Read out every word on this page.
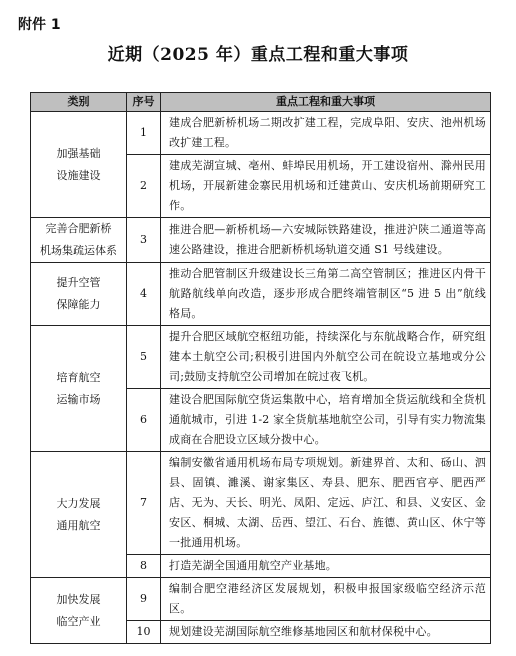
附件 1
近期（2025 年）重点工程和重大事项
类别	序号	重点工程和重大事项
加强基础
设施建设	1	建成合肥新桥机场二期改扩建工程，完成阜阳、安庆、池州机场改扩建工程。
	2	建成芜湖宣城、亳州、蚌埠民用机场，开工建设宿州、滁州民用机场，开展新建金寨民用机场和迁建黄山、安庆机场前期研究工作。
完善合肥新桥
机场集疏运体系	3	推进合肥—新桥机场—六安城际铁路建设，推进沪陕二通道等高速公路建设，推进合肥新桥机场轨道交通 S1 号线建设。
提升空管
保障能力	4	推动合肥管制区升级建设长三角第二高空管制区；推进区内骨干航路航线单向改造，逐步形成合肥终端管制区“5 进 5 出”航线格局。
培育航空
运输市场	5	提升合肥区域航空枢纽功能，持续深化与东航战略合作，研究组建本土航空公司;积极引进国内外航空公司在皖设立基地或分公司;鼓励支持航空公司增加在皖过夜飞机。
	6	建设合肥国际航空货运集散中心，培育增加全货运航线和全货机通航城市，引进 1-2 家全货航基地航空公司，引导有实力物流集成商在合肥设立区域分拨中心。
大力发展
通用航空	7	编制安徽省通用机场布局专项规划。新建界首、太和、砀山、泗县、固镇、濉溪、谢家集区、寿县、肥东、肥西官亭、肥西严店、无为、天长、明光、凤阳、定远、庐江、和县、义安区、金安区、桐城、太湖、岳西、望江、石台、旌德、黄山区、休宁等一批通用机场。
	8	打造芜湖全国通用航空产业基地。
加快发展
临空产业	9	编制合肥空港经济区发展规划，积极申报国家级临空经济示范区。
	10	规划建设芜湖国际航空维修基地园区和航材保税中心。
